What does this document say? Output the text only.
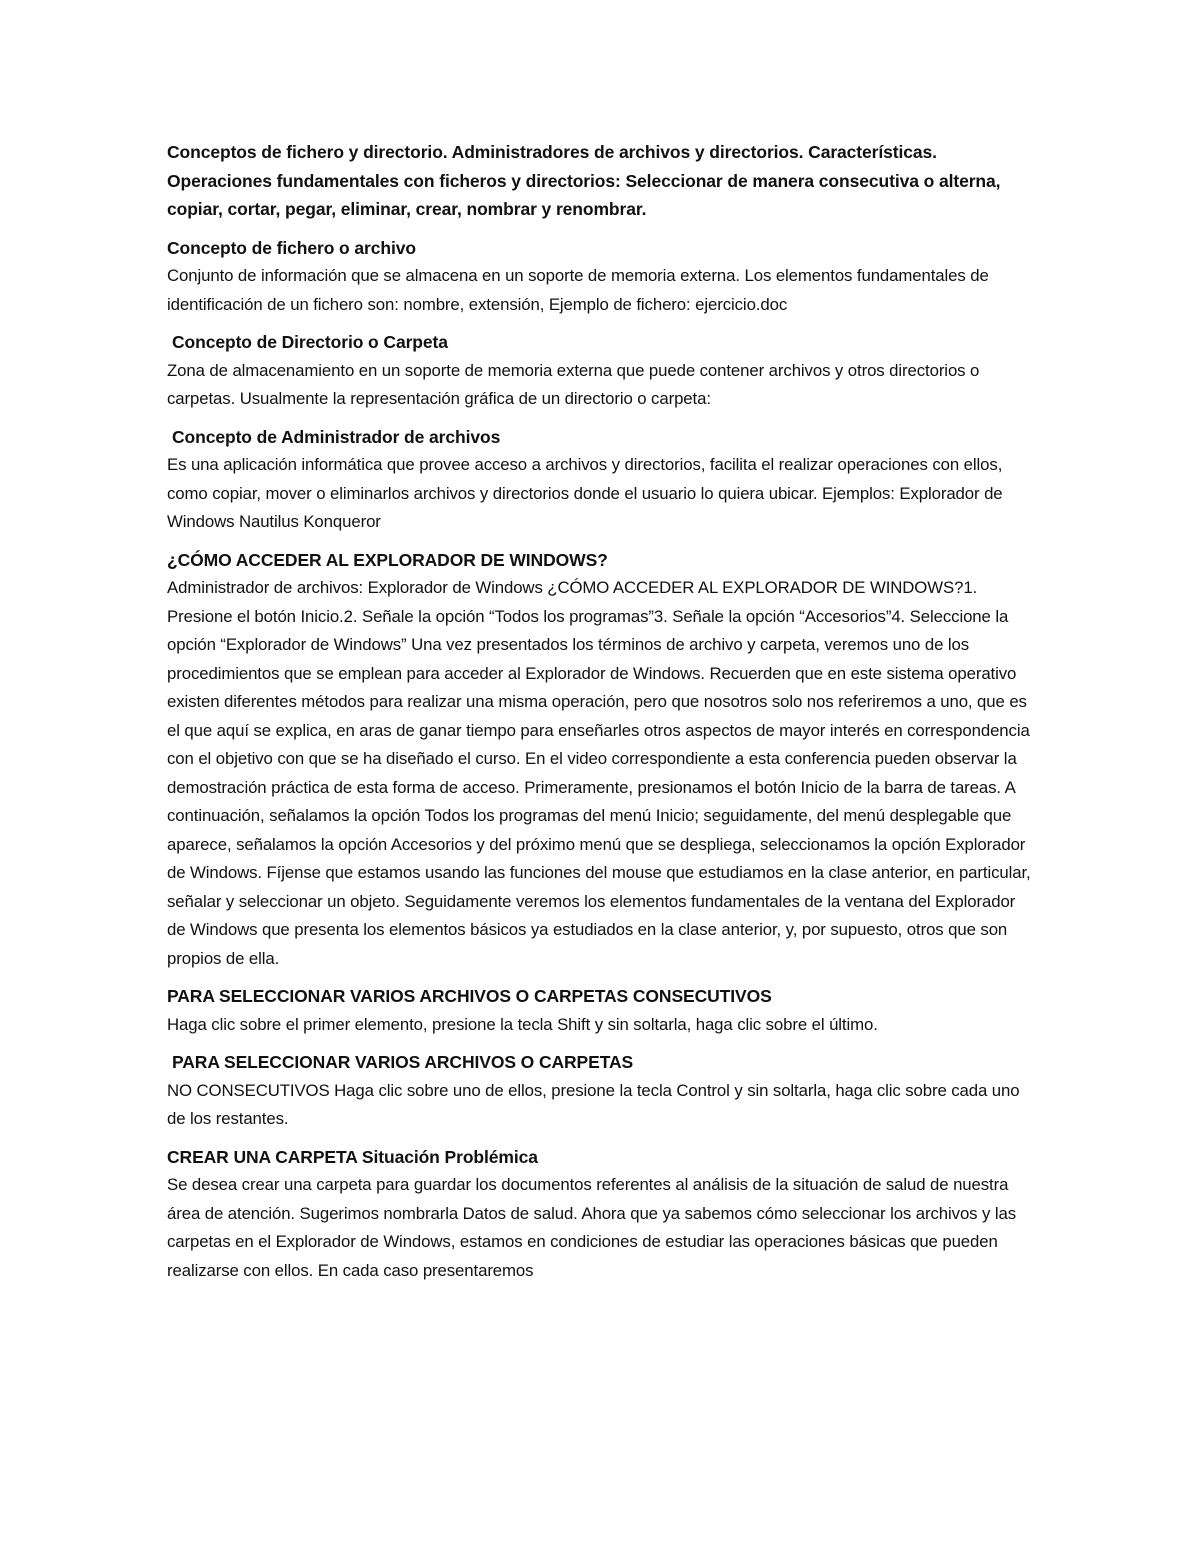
Conceptos de fichero y directorio. Administradores de archivos y directorios. Características. Operaciones fundamentales con ficheros y directorios: Seleccionar de manera consecutiva o alterna, copiar, cortar, pegar, eliminar, crear, nombrar y renombrar.

Concepto de fichero o archivo

Conjunto de información que se almacena en un soporte de memoria externa. Los elementos fundamentales de identificación de un fichero son: nombre, extensión, Ejemplo de fichero: ejercicio.doc

Concepto de Directorio o Carpeta

Zona de almacenamiento en un soporte de memoria externa que puede contener archivos y otros directorios o carpetas. Usualmente la representación gráfica de un directorio o carpeta:

Concepto de Administrador de archivos

Es una aplicación informática que provee acceso a archivos y directorios, facilita el realizar operaciones con ellos, como copiar, mover o eliminarlos archivos y directorios donde el usuario lo quiera ubicar. Ejemplos: Explorador de Windows Nautilus Konqueror

¿CÓMO ACCEDER AL EXPLORADOR DE WINDOWS?

Administrador de archivos: Explorador de Windows ¿CÓMO ACCEDER AL EXPLORADOR DE WINDOWS?1. Presione el botón Inicio.2. Señale la opción “Todos los programas”3. Señale la opción “Accesorios”4. Seleccione la opción “Explorador de Windows” Una vez presentados los términos de archivo y carpeta, veremos uno de los procedimientos que se emplean para acceder al Explorador de Windows. Recuerden que en este sistema operativo existen diferentes métodos para realizar una misma operación, pero que nosotros solo nos referiremos a uno, que es el que aquí se explica, en aras de ganar tiempo para enseñarles otros aspectos de mayor interés en correspondencia con el objetivo con que se ha diseñado el curso. En el video correspondiente a esta conferencia pueden observar la demostración práctica de esta forma de acceso. Primeramente, presionamos el botón Inicio de la barra de tareas. A continuación, señalamos la opción Todos los programas del menú Inicio; seguidamente, del menú desplegable que aparece, señalamos la opción Accesorios y del próximo menú que se despliega, seleccionamos la opción Explorador de Windows. Fíjense que estamos usando las funciones del mouse que estudiamos en la clase anterior, en particular, señalar y seleccionar un objeto. Seguidamente veremos los elementos fundamentales de la ventana del Explorador de Windows que presenta los elementos básicos ya estudiados en la clase anterior, y, por supuesto, otros que son propios de ella.

PARA SELECCIONAR VARIOS ARCHIVOS O CARPETAS CONSECUTIVOS

Haga clic sobre el primer elemento, presione la tecla Shift y sin soltarla, haga clic sobre el último.

PARA SELECCIONAR VARIOS ARCHIVOS O CARPETAS

NO CONSECUTIVOS Haga clic sobre uno de ellos, presione la tecla Control y sin soltarla, haga clic sobre cada uno de los restantes.

CREAR UNA CARPETA Situación Problémica

Se desea crear una carpeta para guardar los documentos referentes al análisis de la situación de salud de nuestra área de atención. Sugerimos nombrarla Datos de salud. Ahora que ya sabemos cómo seleccionar los archivos y las carpetas en el Explorador de Windows, estamos en condiciones de estudiar las operaciones básicas que pueden realizarse con ellos. En cada caso presentaremos
